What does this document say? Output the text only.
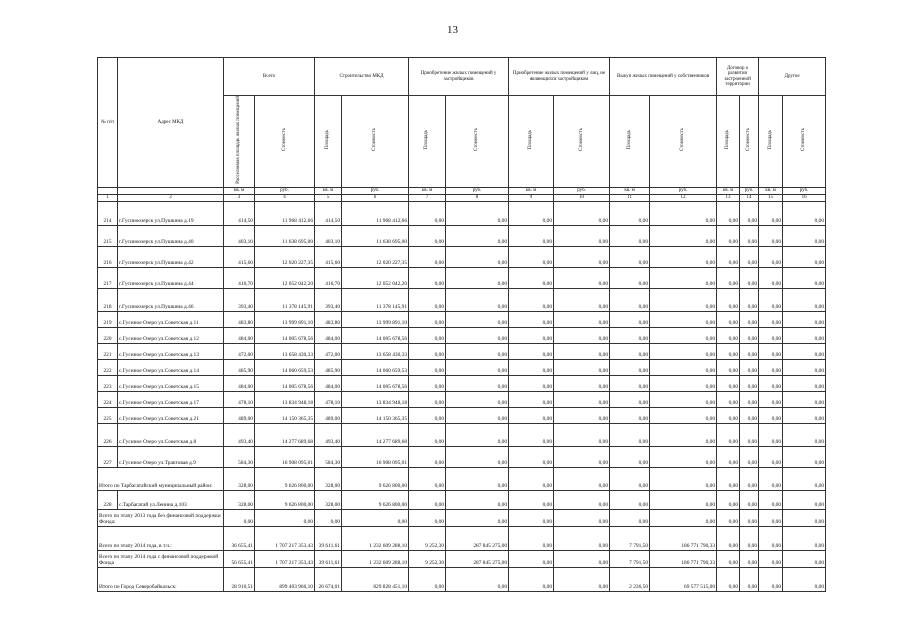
13
№ п/п	Адрес МКД	Всего		Строительство МКД		Приобретение жилых помещений у застройщиков		Приобретение жилых помещений у лиц, не являющихся застройщиком		Выкуп жилых помещений у собственников		Договор о развитии застроенной территории		Другое	
		Расселяемая площадь жилых помещений	Стоимость	Площадь	Стоимость	Площадь	Стоимость	Площадь	Стоимость	Площадь	Стоимость	Площадь	Стоимость	Площадь	Стоимость
		кв. м	руб.	кв. м	руб.	кв. м	руб.	кв. м	руб.	кв. м	руб.	кв. м	руб.	кв. м	руб.
1	2	3	4	5	6	7	8	9	10	11	12	13	14	15	16
214	г.Гусиноозерск ул.Пушкина д.19	414,50	11 968 412,66	414,50	11 968 412,66	0,00	0,00	0,00	0,00	0,00	0,00	0,00	0,00	0,00	0,00
215	г.Гусиноозерск ул.Пушкина д.40	403,10	11 638 695,00	403,10	11 638 695,00	0,00	0,00	0,00	0,00	0,00	0,00	0,00	0,00	0,00	0,00
216	г.Гусиноозерск ул.Пушкина д.42	415,60	12 020 227,35	415,60	12 020 227,35	0,00	0,00	0,00	0,00	0,00	0,00	0,00	0,00	0,00	0,00
217	г.Гусиноозерск ул.Пушкина д.44	416,70	12 052 042,20	416,70	12 052 042,20	0,00	0,00	0,00	0,00	0,00	0,00	0,00	0,00	0,00	0,00
218	г.Гусиноозерск ул.Пушкина д.46	393,40	11 378 145,91	393,40	11 378 145,91	0,00	0,00	0,00	0,00	0,00	0,00	0,00	0,00	0,00	0,00
219	с.Гусиное Озеро ул.Советская д.11	483,80	13 999 891,10	483,80	13 999 891,10	0,00	0,00	0,00	0,00	0,00	0,00	0,00	0,00	0,00	0,00
220	с.Гусиное Озеро ул.Советская д.12	484,00	14 005 678,56	484,00	14 005 678,56	0,00	0,00	0,00	0,00	0,00	0,00	0,00	0,00	0,00	0,00
221	с.Гусиное Озеро ул.Советская д.13	472,00	13 658 430,33	472,00	13 658 430,33	0,00	0,00	0,00	0,00	0,00	0,00	0,00	0,00	0,00	0,00
222	с.Гусиное Озеро ул.Советская д.14	485,90	14 060 659,53	485,90	14 060 659,53	0,00	0,00	0,00	0,00	0,00	0,00	0,00	0,00	0,00	0,00
223	с.Гусиное Озеро ул.Советская д.15	484,00	14 005 678,56	484,00	14 005 678,56	0,00	0,00	0,00	0,00	0,00	0,00	0,00	0,00	0,00	0,00
224	с.Гусиное Озеро ул.Советская д.17	478,10	13 834 948,18	478,10	13 834 948,18	0,00	0,00	0,00	0,00	0,00	0,00	0,00	0,00	0,00	0,00
225	с.Гусиное Озеро ул.Советская д.21	489,00	14 150 365,35	489,00	14 150 365,35	0,00	0,00	0,00	0,00	0,00	0,00	0,00	0,00	0,00	0,00
226	с.Гусиное Озеро ул.Советская д.8	493,40	14 277 689,68	493,40	14 277 689,68	0,00	0,00	0,00	0,00	0,00	0,00	0,00	0,00	0,00	0,00
227	с.Гусиное Озеро ул.Трактовая д.9	584,30	16 908 095,01	584,30	16 908 095,01	0,00	0,00	0,00	0,00	0,00	0,00	0,00	0,00	0,00	0,00
Итого по Тарбагатайский муниципальный район:		328,00	9 626 800,00	328,00	9 626 800,00	0,00	0,00	0,00	0,00	0,00	0,00	0,00	0,00	0,00	0,00
228	с.Тарбагатай ул.Ленина д.103	328,00	9 626 800,00	328,00	9 626 800,00	0,00	0,00	0,00	0,00	0,00	0,00	0,00	0,00	0,00	0,00
Всего по этапу 2013 года без финансовой поддержки Фонда:		0,00	0,00	0,00	0,00	0,00	0,00	0,00	0,00	0,00	0,00	0,00	0,00	0,00	0,00
Всего по этапу 2014 года, в т.ч.:		36 655,41	1 707 217 353,43	39 611,61	1 232 609 288,10	9 252,30	287 845 275,00	0,00	0,00	7 791,50	186 771 790,33	0,00	0,00	0,00	0,00
Всего по этапу 2014 года с финансовой поддержкой Фонда		56 655,41	1 707 217 353,43	39 611,61	1 232 609 288,10	9 252,30	287 845 275,00	0,00	0,00	7 791,50	186 771 790,33	0,00	0,00	0,00	0,00
Итого по Город Северобайкальск:		28 910,51	899 403 966,10	26 674,01	829 828 451,10	0,00	0,00	0,00	0,00	2 236,50	69 577 515,00	0,00	0,00	0,00	0,00
